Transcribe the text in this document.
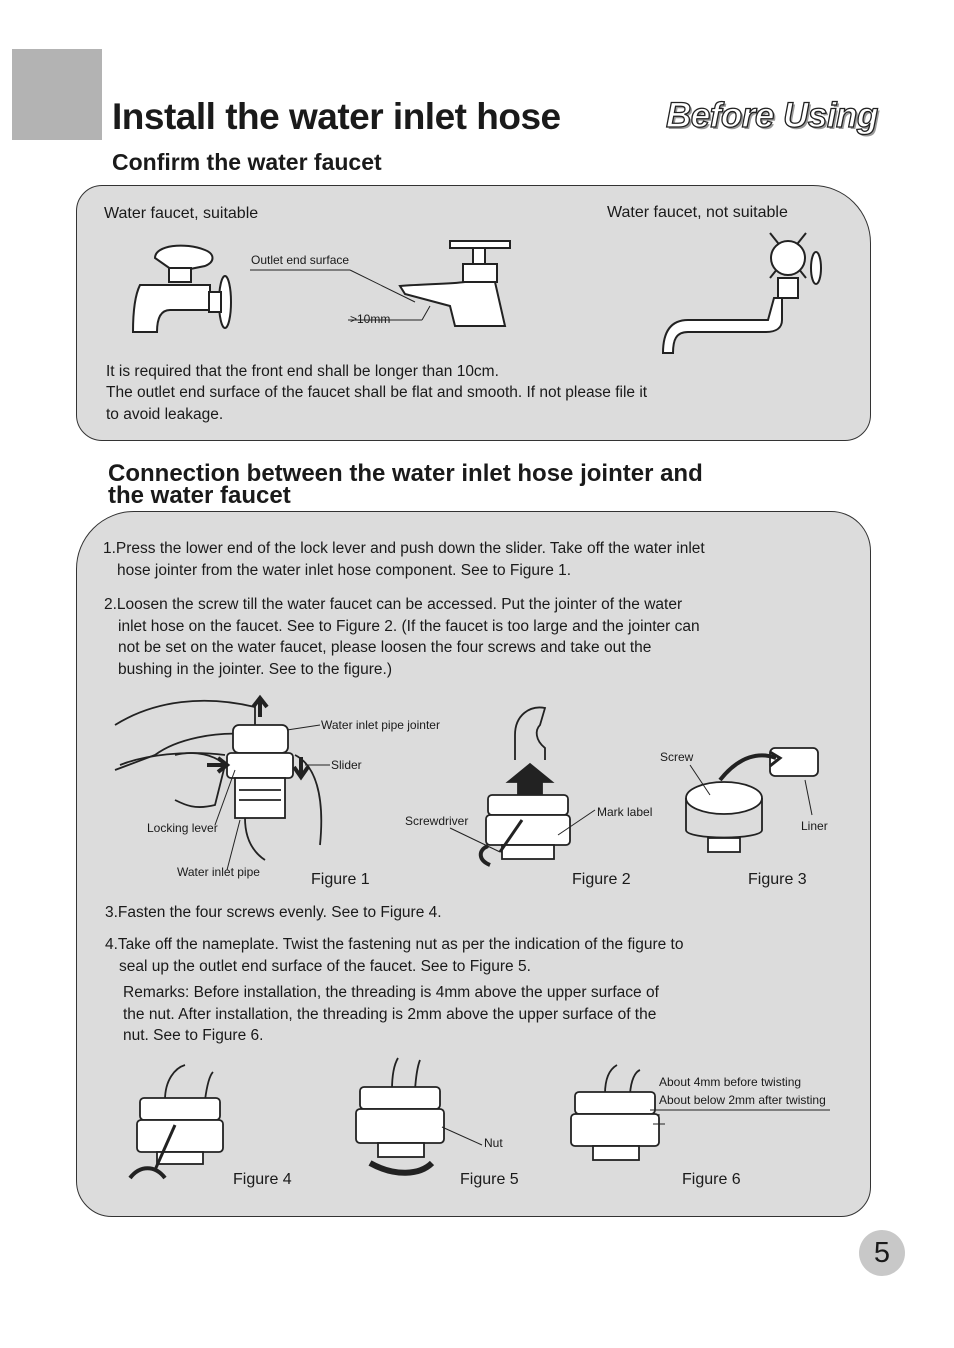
Install the water inlet hose	Before Using
Confirm the water faucet
Water faucet, suitable	Water faucet, not suitable
Outlet end surface
>10mm
It is required that the front end shall be longer than 10cm.
The outlet end surface of the faucet shall be flat and smooth. If not please file it
to avoid leakage.
Connection between the water inlet hose jointer and
the water faucet
1.Press the lower end of the lock lever and push down the slider. Take off the water inlet
hose jointer from the water inlet hose component. See to Figure 1.
2.Loosen the screw till the water faucet can be accessed. Put the jointer of the water
inlet hose on the faucet. See to Figure 2. (If the faucet is too large and the jointer can
not be set on the water faucet, please loosen the four screws and take out the
bushing in the jointer. See to the figure.)
Water inlet pipe jointer
Slider
Locking lever
Water inlet pipe	Figure 1
Screwdriver
Mark label
Figure 2
Screw
Liner
Figure 3
3.Fasten the four screws evenly. See to Figure 4.
4.Take off the nameplate. Twist the fastening nut as per the indication of the figure to
seal up the outlet end surface of the faucet. See to Figure 5.
Remarks: Before installation, the threading is 4mm above the upper surface of
the nut. After installation, the threading is 2mm above the upper surface of the
nut. See to Figure 6.
Figure 4
Nut
Figure 5
About 4mm before twisting
About below 2mm after twisting
Figure 6
5
